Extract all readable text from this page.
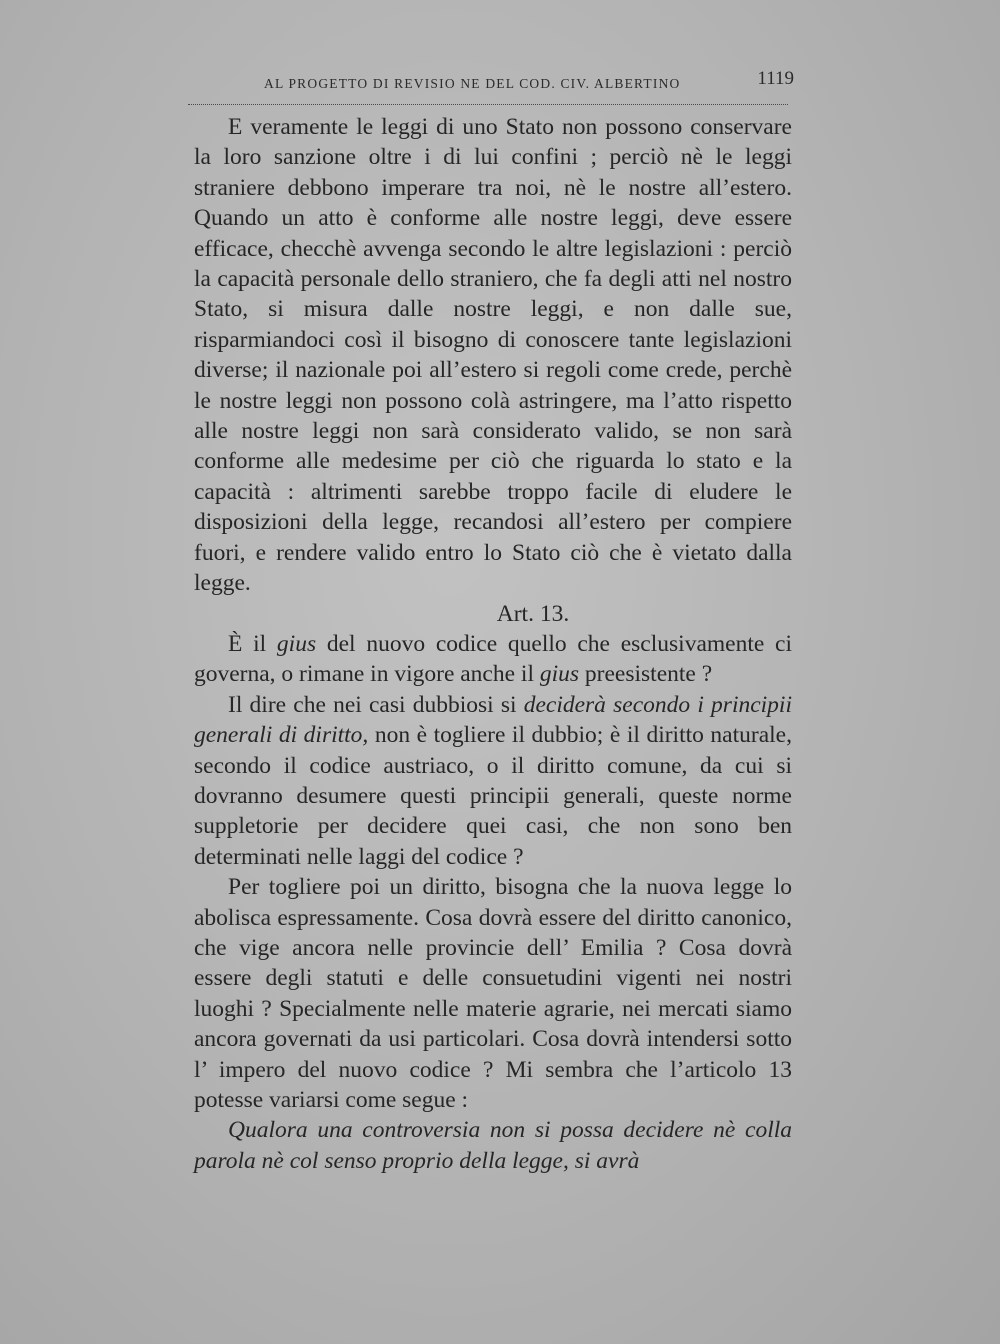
AL PROGETTO DI REVISIO NE DEL COD. CIV. ALBERTINO	1119

E veramente le leggi di uno Stato non possono conservare la loro sanzione oltre i di lui confini ; perciò nè le leggi straniere debbono imperare tra noi, nè le nostre all’estero. Quando un atto è conforme alle nostre leggi, deve essere efficace, checchè avvenga secondo le altre legislazioni : perciò la capacità personale dello straniero, che fa degli atti nel nostro Stato, si misura dalle nostre leggi, e non dalle sue, risparmiandoci così il bisogno di conoscere tante legislazioni diverse; il nazionale poi all’estero si regoli come crede, perchè le nostre leggi non possono colà astringere, ma l’atto rispetto alle nostre leggi non sarà considerato valido, se non sarà conforme alle medesime per ciò che riguarda lo stato e la capacità : altrimenti sarebbe troppo facile di eludere le disposizioni della legge, recandosi all’estero per compiere fuori, e rendere valido entro lo Stato ciò che è vietato dalla legge.

Art. 13.

È il gius del nuovo codice quello che esclusivamente ci governa, o rimane in vigore anche il gius preesistente ?

Il dire che nei casi dubbiosi si deciderà secondo i principii generali di diritto, non è togliere il dubbio; è il diritto naturale, secondo il codice austriaco, o il diritto comune, da cui si dovranno desumere questi principii generali, queste norme suppletorie per decidere quei casi, che non sono ben determinati nelle laggi del codice ?

Per togliere poi un diritto, bisogna che la nuova legge lo abolisca espressamente. Cosa dovrà essere del diritto canonico, che vige ancora nelle provincie dell’ Emilia ? Cosa dovrà essere degli statuti e delle consuetudini vigenti nei nostri luoghi ? Specialmente nelle materie agrarie, nei mercati siamo ancora governati da usi particolari. Cosa dovrà intendersi sotto l’ impero del nuovo codice ? Mi sembra che l’articolo 13 potesse variarsi come segue :

Qualora una controversia non si possa decidere nè colla parola nè col senso proprio della legge, si avrà
